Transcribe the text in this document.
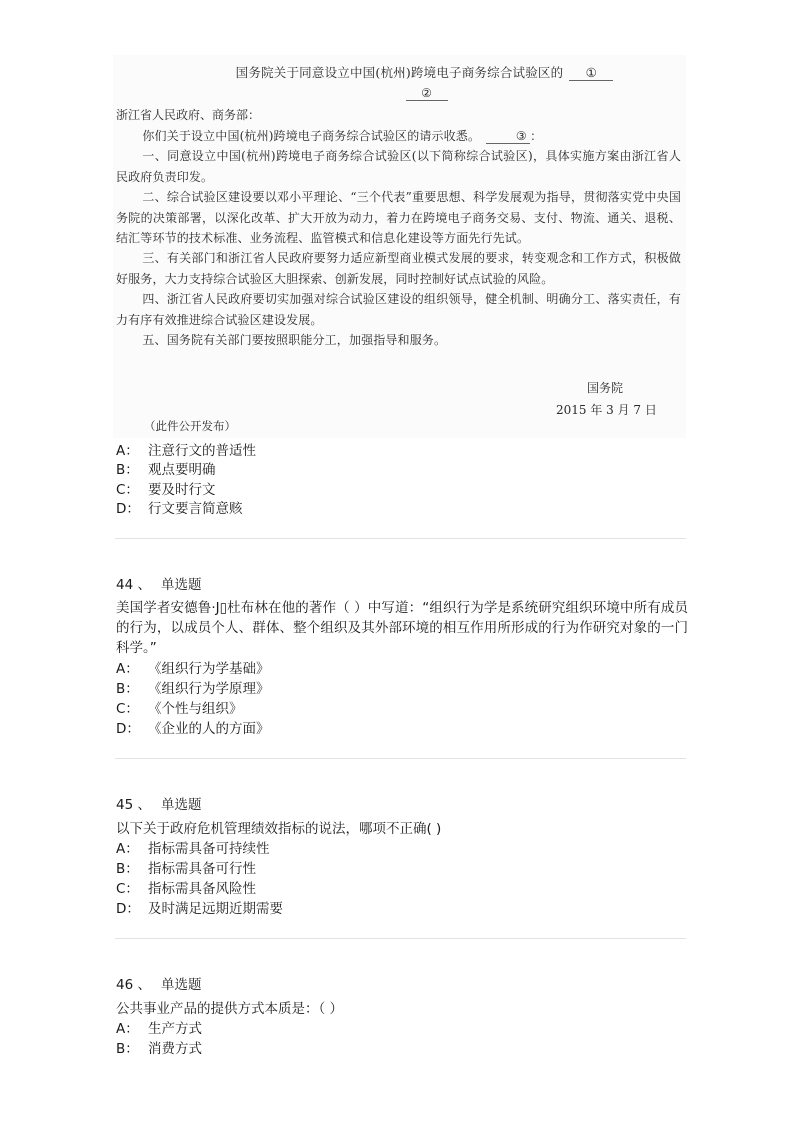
国务院关于同意设立中国(杭州)跨境电子商务综合试验区的 ①
②
浙江省人民政府、商务部：

你们关于设立中国(杭州)跨境电子商务综合试验区的请示收悉。	③ ：

一、同意设立中国(杭州)跨境电子商务综合试验区(以下简称综合试验区)，具体实施方案由浙江省人民政府负责印发。

二、综合试验区建设要以邓小平理论、“三个代表”重要思想、科学发展观为指导，贯彻落实党中央国务院的决策部署，以深化改革、扩大开放为动力，着力在跨境电子商务交易、支付、物流、通关、退税、结汇等环节的技术标准、业务流程、监管模式和信息化建设等方面先行先试。

三、有关部门和浙江省人民政府要努力适应新型商业模式发展的要求，转变观念和工作方式，积极做好服务，大力支持综合试验区大胆探索、创新发展，同时控制好试点试验的风险。

四、浙江省人民政府要切实加强对综合试验区建设的组织领导，健全机制、明确分工、落实责任，有力有序有效推进综合试验区建设发展。

五、国务院有关部门要按照职能分工，加强指导和服务。

国务院
2015 年 3 月 7 日
（此件公开发布）
A： 注意行文的普适性
B： 观点要明确
C： 要及时行文
D： 行文要言简意赅
44 、 单选题
美国学者安德鲁·J▯杜布林在他的著作（ ）中写道：“组织行为学是系统研究组织环境中所有成员的行为，以成员个人、群体、整个组织及其外部环境的相互作用所形成的行为作研究对象的一门科学。”
A： 《组织行为学基础》
B： 《组织行为学原理》
C： 《个性与组织》
D： 《企业的人的方面》
45 、 单选题
以下关于政府危机管理绩效指标的说法，哪项不正确( )
A： 指标需具备可持续性
B： 指标需具备可行性
C： 指标需具备风险性
D： 及时满足远期近期需要
46 、 单选题
公共事业产品的提供方式本质是：（ ）
A： 生产方式
B： 消费方式
